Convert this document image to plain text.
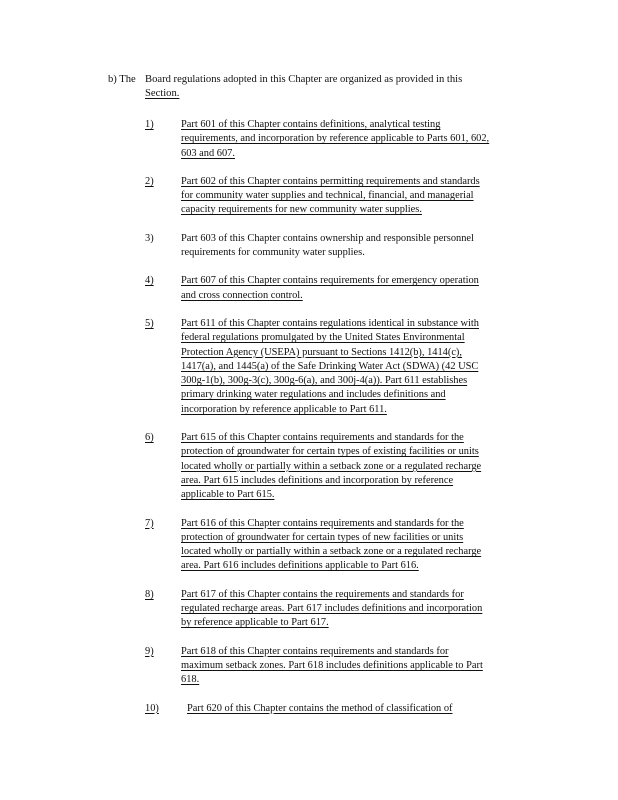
b) The Board regulations adopted in this Chapter are organized as provided in this
Section.
1)	Part 601 of this Chapter contains definitions, analytical testing
requirements, and incorporation by reference applicable to Parts 601, 602,
603 and 607.
2)	Part 602 of this Chapter contains permitting requirements and standards
for community water supplies and technical, financial, and managerial
capacity requirements for new community water supplies.
3)	Part 603 of this Chapter contains ownership and responsible personnel
requirements for community water supplies.
4)	Part 607 of this Chapter contains requirements for emergency operation
and cross connection control.
5)	Part 611 of this Chapter contains regulations identical in substance with
federal regulations promulgated by the United States Environmental
Protection Agency (USEPA) pursuant to Sections 1412(b), 1414(c),
1417(a), and 1445(a) of the Safe Drinking Water Act (SDWA) (42 USC
300g-1(b), 300g-3(c), 300g-6(a), and 300j-4(a)). Part 611 establishes
primary drinking water regulations and includes definitions and
incorporation by reference applicable to Part 611.
6)	Part 615 of this Chapter contains requirements and standards for the
protection of groundwater for certain types of existing facilities or units
located wholly or partially within a setback zone or a regulated recharge
area. Part 615 includes definitions and incorporation by reference
applicable to Part 615.
7)	Part 616 of this Chapter contains requirements and standards for the
protection of groundwater for certain types of new facilities or units
located wholly or partially within a setback zone or a regulated recharge
area. Part 616 includes definitions applicable to Part 616.
8)	Part 617 of this Chapter contains the requirements and standards for
regulated recharge areas. Part 617 includes definitions and incorporation
by reference applicable to Part 617.
9)	Part 618 of this Chapter contains requirements and standards for
maximum setback zones. Part 618 includes definitions applicable to Part
618.
10)	Part 620 of this Chapter contains the method of classification of
